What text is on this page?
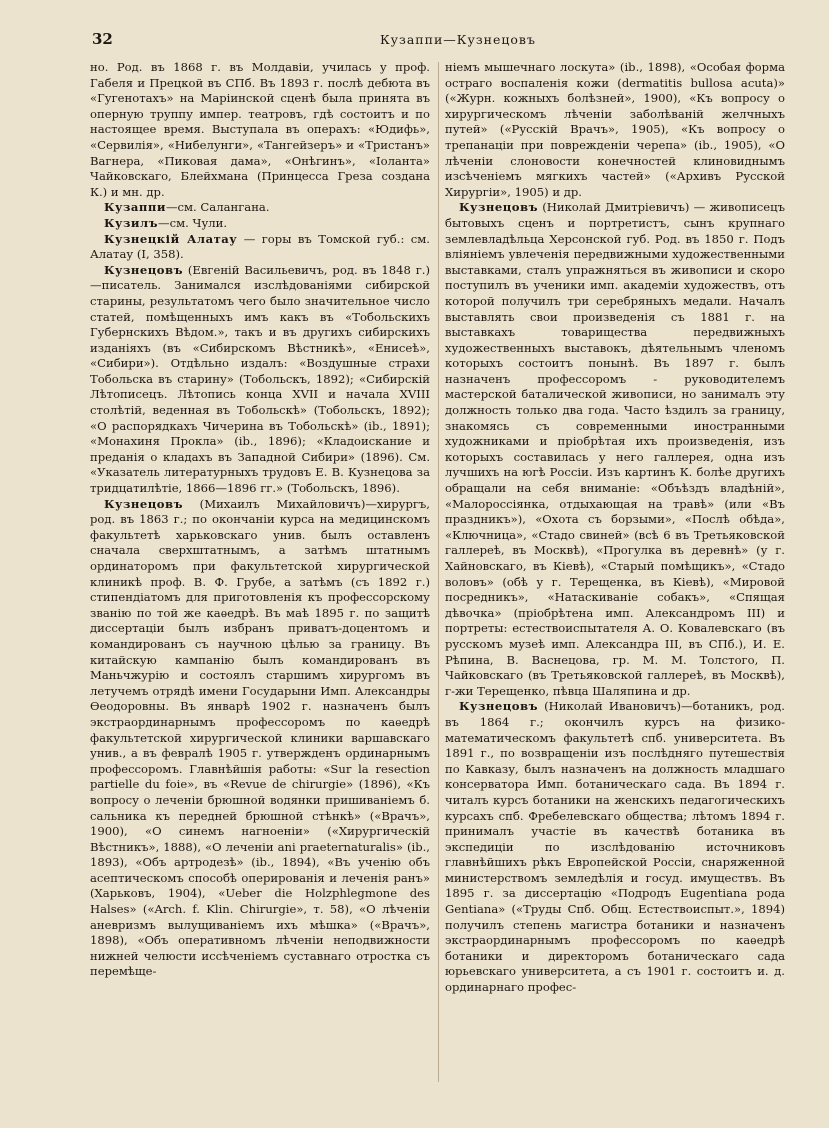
32	Кузаппи—Кузнецовъ

но. Род. въ 1868 г. въ Молдавіи, училась у проф. Габеля и Прецкой въ СПб. Въ 1893 г. послѣ дебюта въ «Гугенотахъ» на Маріинской сценѣ была принята въ оперную труппу импер. театровъ, гдѣ состоитъ и по настоящее время. Выступала въ операхъ: «Юдифь», «Сервилія», «Нибелунги», «Тангейзеръ» и «Тристанъ» Вагнера, «Пиковая дама», «Онѣгинъ», «Іоланта» Чайковскаго, Блейхмана (Принцесса Греза создана К.) и мн. др.

Кузаппи—см. Салангана.

Кузилъ—см. Чули.

Кузнецкій Алатау — горы въ Томской губ.: см. Алатау (I, 358).

Кузнецовъ (Евгеній Васильевичъ, род. въ 1848 г.)—писатель. Занимался изслѣдованіями сибирской старины, результатомъ чего было значительное число статей, помѣщенныхъ имъ какъ въ «Тобольскихъ Губернскихъ Вѣдом.», такъ и въ другихъ сибирскихъ изданіяхъ (въ «Сибирскомъ Вѣстникѣ», «Енисеѣ», «Сибири»). Отдѣльно издалъ: «Воздушные страхи Тобольска въ старину» (Тобольскъ, 1892); «Сибирскій Лѣтописецъ. Лѣтопись конца XVII и начала XVIII столѣтій, веденная въ Тобольскѣ» (Тобольскъ, 1892); «О распорядкахъ Чичерина въ Тобольскѣ» (ib., 1891); «Монахиня Прокла» (ib., 1896); «Кладоискание и преданія о кладахъ въ Западной Сибири» (1896). См. «Указатель литературныхъ трудовъ Е. В. Кузнецова за тридцатилѣтіе, 1866—1896 гг.» (Тобольскъ, 1896).

Кузнецовъ (Михаилъ Михайловичъ)—хирургъ, род. въ 1863 г.; по окончаніи курса на медицинскомъ факультетѣ харьковскаго унив. былъ оставленъ сначала сверхштатнымъ, а затѣмъ штатнымъ ординаторомъ при факультетской хирургической клиникѣ проф. В. Ф. Грубе, а затѣмъ (съ 1892 г.) стипендіатомъ для приготовленія къ профессорскому званію по той же каѳедрѣ. Въ маѣ 1895 г. по защитѣ диссертаціи былъ избранъ приватъ-доцентомъ и командированъ съ научною цѣлью за границу. Въ китайскую кампанію былъ командированъ въ Маньчжурію и состоялъ старшимъ хирургомъ въ летучемъ отрядѣ имени Государыни Имп. Александры Ѳеодоровны. Въ январѣ 1902 г. назначенъ былъ экстраординарнымъ профессоромъ по каѳедрѣ факультетской хирургической клиники варшавскаго унив., а въ февралѣ 1905 г. утвержденъ ординарнымъ профессоромъ. Главнѣйшія работы: «Sur la resection partielle du foie», въ «Revue de chirurgie» (1896), «Къ вопросу о леченіи брюшной водянки пришиваніемъ б. сальника къ передней брюшной стѣнкѣ» («Врачъ», 1900), «О синемъ нагноеніи» («Хирургическій Вѣстникъ», 1888), «О леченіи ani praeternaturalis» (ib., 1893), «Объ артродезѣ» (ib., 1894), «Въ ученію объ асептическомъ способѣ оперированія и леченія ранъ» (Харьковъ, 1904), «Ueber die Holzphlegmone des Halses» («Arch. f. Klin. Chirurgie», т. 58), «О лѣченіи аневризмъ вылущиваніемъ ихъ мѣшка» («Врачъ», 1898), «Объ оперативномъ лѣченіи неподвижности нижней челюсти иссѣченіемъ суставнаго отростка съ перемѣще-

ніемъ мышечнаго лоскута» (ib., 1898), «Особая форма остраго воспаленія кожи (dermatitis bullosa acuta)» («Журн. кожныхъ болѣзней», 1900), «Къ вопросу о хирургическомъ лѣченіи заболѣваній желчныхъ путей» («Русскій Врачъ», 1905), «Къ вопросу о трепанаціи при поврежденіи черепа» (ib., 1905), «О лѣченіи слоновости конечностей клиновиднымъ изсѣченіемъ мягкихъ частей» («Архивъ Русской Хирургіи», 1905) и др.

Кузнецовъ (Николай Дмитріевичъ) — живописецъ бытовыхъ сценъ и портретистъ, сынъ крупнаго землевладѣльца Херсонской губ. Род. въ 1850 г. Подъ вліяніемъ увлеченія передвижными художественными выставками, сталъ упражняться въ живописи и скоро поступилъ въ ученики имп. академіи художествъ, отъ которой получилъ три серебряныхъ медали. Началъ выставлять свои произведенія съ 1881 г. на выставкахъ товарищества передвижныхъ художественныхъ выставокъ, дѣятельнымъ членомъ которыхъ состоитъ понынѣ. Въ 1897 г. былъ назначенъ профессоромъ - руководителемъ мастерской баталической живописи, но занималъ эту должность только два года. Часто ѣздилъ за границу, знакомясь съ современными иностранными художниками и пріобрѣтая ихъ произведенія, изъ которыхъ составилась у него галлерея, одна изъ лучшихъ на югѣ Россіи. Изъ картинъ К. болѣе другихъ обращали на себя вниманіе: «Объѣздъ владѣній», «Малороссіянка, отдыхающая на травѣ» (или «Въ праздникъ»), «Охота съ борзыми», «Послѣ обѣда», «Ключница», «Стадо свиней» (всѣ 6 въ Третьяковской галлереѣ, въ Москвѣ), «Прогулка въ деревнѣ» (у г. Хайновскаго, въ Кіевѣ), «Старый помѣщикъ», «Стадо воловъ» (обѣ у г. Терещенка, въ Кіевѣ), «Мировой посредникъ», «Натаскиваніе собакъ», «Спящая дѣвочка» (пріобрѣтена имп. Александромъ III) и портреты: естествоиспытателя А. О. Ковалевскаго (въ русскомъ музеѣ имп. Александра III, въ СПб.), И. Е. Рѣпина, В. Васнецова, гр. М. М. Толстого, П. Чайковскаго (въ Третьяковской галлереѣ, въ Москвѣ), г-жи Терещенко, пѣвца Шаляпина и др.

Кузнецовъ (Николай Ивановичъ)—ботаникъ, род. въ 1864 г.; окончилъ курсъ на физико-математическомъ факультетѣ спб. университета. Въ 1891 г., по возвращеніи изъ послѣдняго путешествія по Кавказу, былъ назначенъ на должность младшаго консерватора Имп. ботаническаго сада. Въ 1894 г. читалъ курсъ ботаники на женскихъ педагогическихъ курсахъ спб. Фребелевскаго общества; лѣтомъ 1894 г. принималъ участіе въ качествѣ ботаника въ экспедиціи по изслѣдованію источниковъ главнѣйшихъ рѣкъ Европейской Россіи, снаряженной министерствомъ земледѣлія и госуд. имуществъ. Въ 1895 г. за диссертацію «Подродъ Eugentiana рода Gentiana» («Труды Спб. Общ. Естествоиспыт.», 1894) получилъ степень магистра ботаники и назначенъ экстраординарнымъ профессоромъ по каѳедрѣ ботаники и директоромъ ботаническаго сада юрьевскаго университета, а съ 1901 г. состоитъ и. д. ординарнаго профес-
